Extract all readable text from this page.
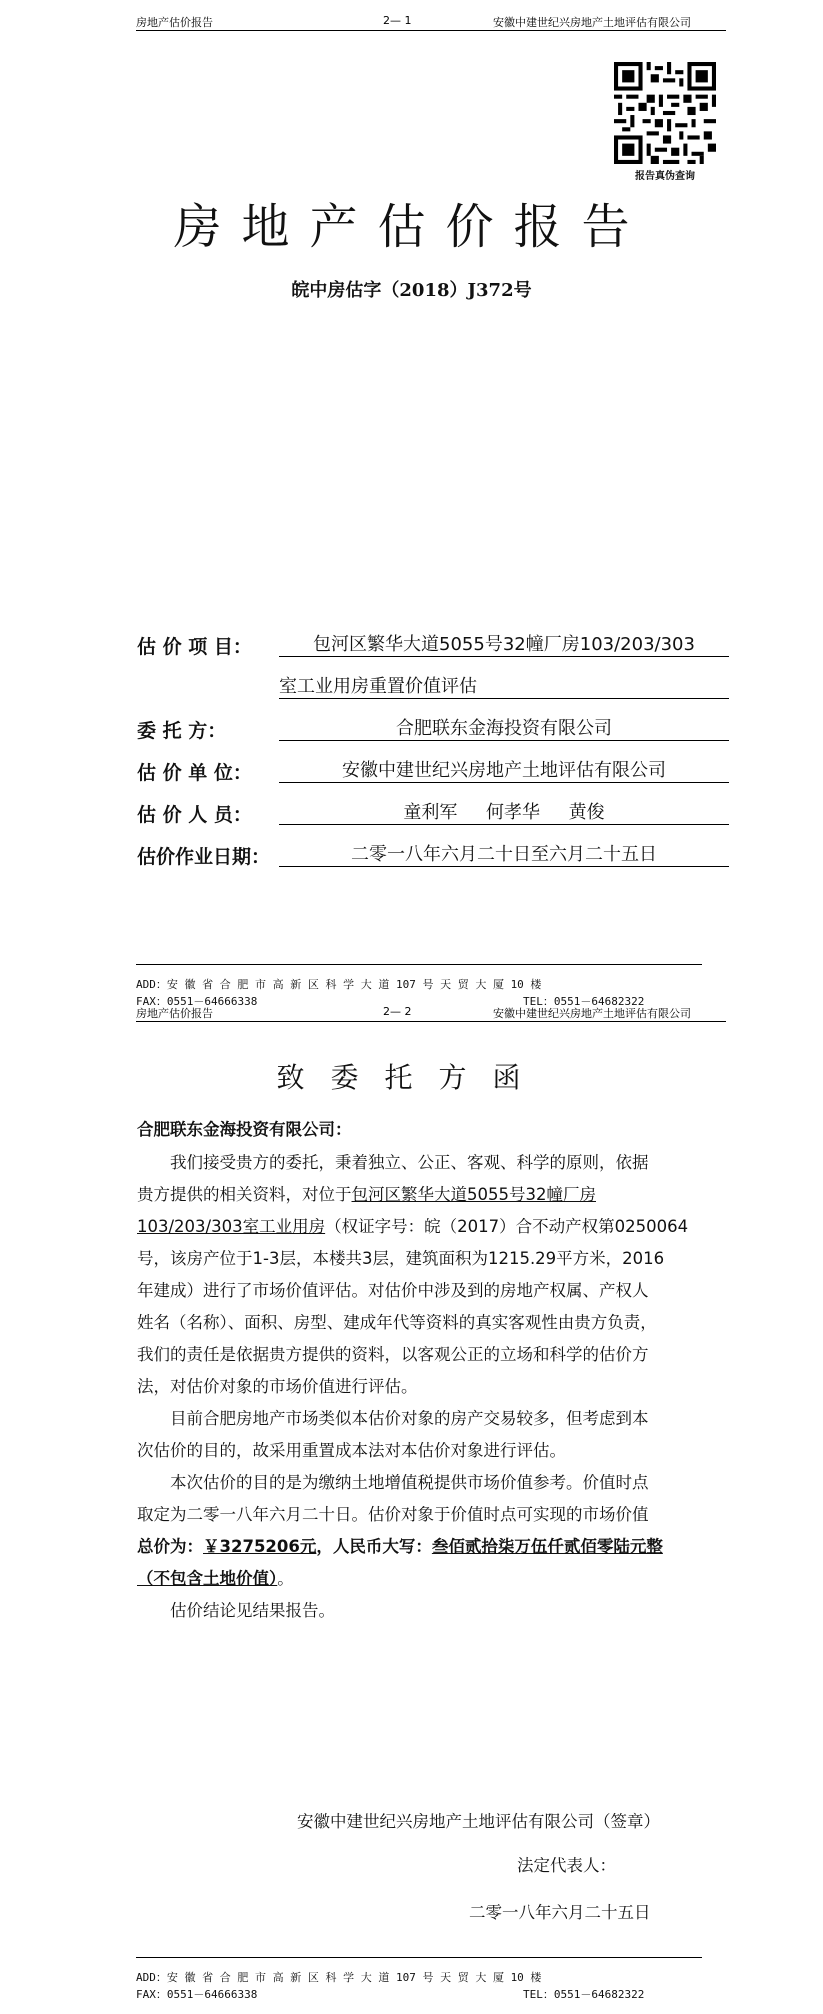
房地产估价报告	2— 1	安徽中建世纪兴房地产土地评估有限公司
报告真伪查询
房地产估价报告
皖中房估字（2018）J372号
估 价 项 目：	包河区繁华大道5055号32幢厂房103/203/303
室工业用房重置价值评估
委 托 方：	合肥联东金海投资有限公司
估 价 单 位：	安徽中建世纪兴房地产土地评估有限公司
估 价 人 员：	童利军     何孝华     黄俊
估价作业日期：	二零一八年六月二十日至六月二十五日
ADD：安 徽 省 合 肥 市 高 新 区 科 学 大 道 107 号 天 贸 大 厦 10 楼
FAX：0551－64666338	TEL：0551－64682322
房地产估价报告	2— 2	安徽中建世纪兴房地产土地评估有限公司
致委托方函
合肥联东金海投资有限公司：
我们接受贵方的委托，秉着独立、公正、客观、科学的原则，依据
贵方提供的相关资料，对位于包河区繁华大道5055号32幢厂房
103/203/303室工业用房（权证字号：皖（2017）合不动产权第0250064
号，该房产位于1-3层，本楼共3层，建筑面积为1215.29平方米，2016
年建成）进行了市场价值评估。对估价中涉及到的房地产权属、产权人
姓名（名称）、面积、房型、建成年代等资料的真实客观性由贵方负责，
我们的责任是依据贵方提供的资料，以客观公正的立场和科学的估价方
法，对估价对象的市场价值进行评估。
目前合肥房地产市场类似本估价对象的房产交易较多，但考虑到本
次估价的目的，故采用重置成本法对本估价对象进行评估。
本次估价的目的是为缴纳土地增值税提供市场价值参考。价值时点
取定为二零一八年六月二十日。估价对象于价值时点可实现的市场价值
总价为：￥3275206元，人民币大写：叁佰贰拾柒万伍仟贰佰零陆元整
（不包含土地价值）。
估价结论见结果报告。
安徽中建世纪兴房地产土地评估有限公司（签章）
法定代表人：
二零一八年六月二十五日
ADD：安 徽 省 合 肥 市 高 新 区 科 学 大 道 107 号 天 贸 大 厦 10 楼
FAX：0551－64666338	TEL：0551－64682322
